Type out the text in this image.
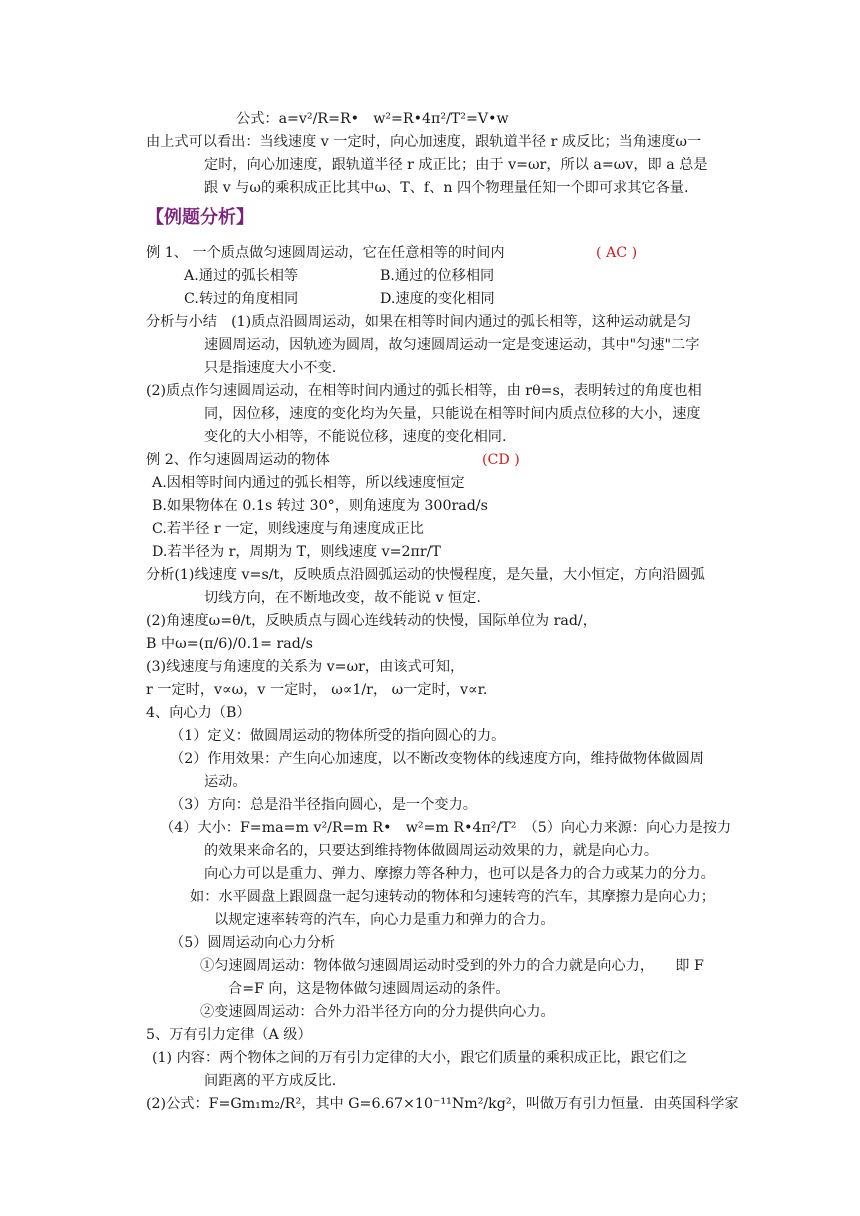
公式：a=v²/R=R•　w²=R•4π²/T²=V•w
由上式可以看出：当线速度 v 一定时，向心加速度，跟轨道半径 r 成反比；当角速度ω一
定时，向心加速度，跟轨道半径 r 成正比；由于 v=ωr，所以 a=ωv，即 a 总是
跟 v 与ω的乘积成正比其中ω、T、f、n 四个物理量任知一个即可求其它各量.
【例题分析】
例 1、 一个质点做匀速圆周运动，它在任意相等的时间内	( AC )
A.通过的弧长相等	B.通过的位移相同
C.转过的角度相同	D.速度的变化相同
分析与小结　(1)质点沿圆周运动，如果在相等时间内通过的弧长相等，这种运动就是匀
速圆周运动，因轨迹为圆周，故匀速圆周运动一定是变速运动，其中"匀速"二字
只是指速度大小不变.
(2)质点作匀速圆周运动，在相等时间内通过的弧长相等，由 rθ=s，表明转过的角度也相
同，因位移，速度的变化均为矢量，只能说在相等时间内质点位移的大小，速度
变化的大小相等，不能说位移，速度的变化相同.
例 2、作匀速圆周运动的物体	(CD )
A.因相等时间内通过的弧长相等，所以线速度恒定
B.如果物体在 0.1s 转过 30°，则角速度为 300rad/s
C.若半径 r 一定，则线速度与角速度成正比
D.若半径为 r，周期为 T，则线速度 v=2πr/T
分析(1)线速度 v=s/t，反映质点沿圆弧运动的快慢程度，是矢量，大小恒定，方向沿圆弧
切线方向，在不断地改变，故不能说 v 恒定.
(2)角速度ω=θ/t，反映质点与圆心连线转动的快慢，国际单位为 rad/，
B 中ω=(π/6)/0.1= rad/s
(3)线速度与角速度的关系为 v=ωr，由该式可知，
r 一定时，v∝ω，v 一定时， ω∝1/r， ω一定时，v∝r.
4、向心力（B）
（1）定义：做圆周运动的物体所受的指向圆心的力。
（2）作用效果：产生向心加速度，以不断改变物体的线速度方向，维持做物体做圆周
运动。
（3）方向：总是沿半径指向圆心，是一个变力。
（4）大小：F=ma=m v²/R=m R•　w²=m R•4π²/T²　（5）向心力来源：向心力是按力
的效果来命名的，只要达到维持物体做圆周运动效果的力，就是向心力。
向心力可以是重力、弹力、摩擦力等各种力，也可以是各力的合力或某力的分力。
如：水平圆盘上跟圆盘一起匀速转动的物体和匀速转弯的汽车，其摩擦力是向心力；
以规定速率转弯的汽车，向心力是重力和弹力的合力。
（5）圆周运动向心力分析
①匀速圆周运动：物体做匀速圆周运动时受到的外力的合力就是向心力，　　即 F
合=F 向，这是物体做匀速圆周运动的条件。
②变速圆周运动：合外力沿半径方向的分力提供向心力。
5、万有引力定律（A 级）
(1) 内容：两个物体之间的万有引力定律的大小，跟它们质量的乘积成正比，跟它们之
间距离的平方成反比.
(2)公式：F=Gm₁m₂/R²，其中 G=6.67×10⁻¹¹Nm²/kg²，叫做万有引力恒量．由英国科学家
